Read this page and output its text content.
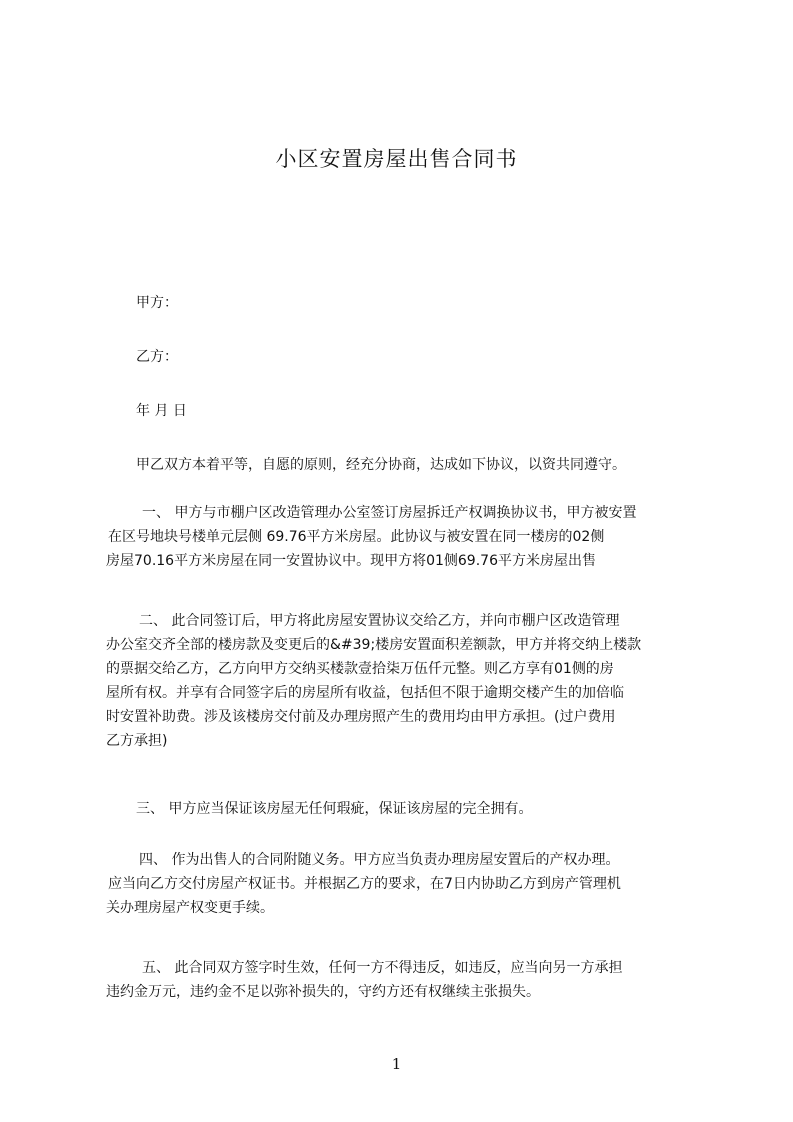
小区安置房屋出售合同书
甲方：
乙方：
年 月 日
甲乙双方本着平等，自愿的原则，经充分协商，达成如下协议，以资共同遵守。
一、 甲方与市棚户区改造管理办公室签订房屋拆迁产权调换协议书，甲方被安置
在区号地块号楼单元层侧 69.76平方米房屋。此协议与被安置在同一楼房的02侧
房屋70.16平方米房屋在同一安置协议中。现甲方将01侧69.76平方米房屋出售
二、 此合同签订后，甲方将此房屋安置协议交给乙方，并向市棚户区改造管理
办公室交齐全部的楼房款及变更后的&#39;楼房安置面积差额款，甲方并将交纳上楼款
的票据交给乙方，乙方向甲方交纳买楼款壹拾柒万伍仟元整。则乙方享有01侧的房
屋所有权。并享有合同签字后的房屋所有收益，包括但不限于逾期交楼产生的加倍临
时安置补助费。涉及该楼房交付前及办理房照产生的费用均由甲方承担。(过户费用
乙方承担)
三、 甲方应当保证该房屋无任何瑕疵，保证该房屋的完全拥有。
四、 作为出售人的合同附随义务。甲方应当负责办理房屋安置后的产权办理。
应当向乙方交付房屋产权证书。并根据乙方的要求，在7日内协助乙方到房产管理机
关办理房屋产权变更手续。
五、 此合同双方签字时生效，任何一方不得违反，如违反，应当向另一方承担
违约金万元，违约金不足以弥补损失的，守约方还有权继续主张损失。
1
